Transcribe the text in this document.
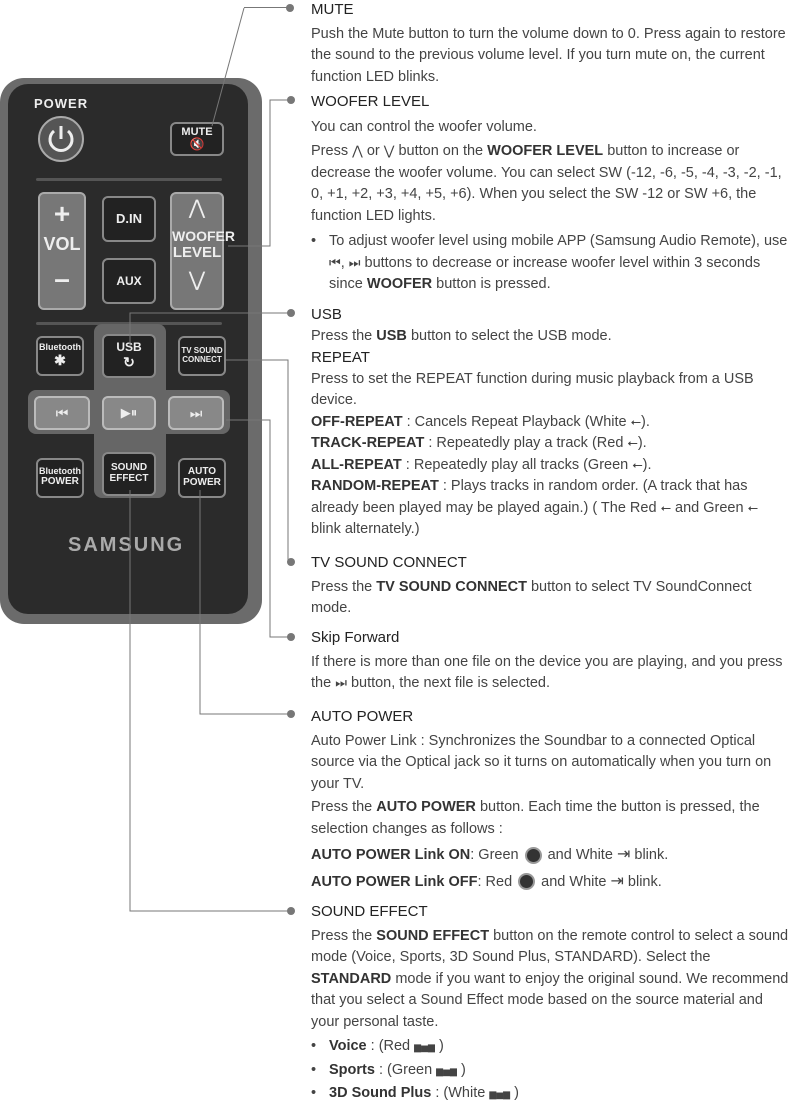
POWER
MUTE
🔇
+
VOL
–
D.IN
AUX
⋀
WOOFER
LEVEL
⋁
Bluetooth
✱
USB
↻
TV SOUND
CONNECT
⏮	▶⏸	⏭
Bluetooth
POWER
SOUND
EFFECT
AUTO
POWER
SAMSUNG

MUTE

Push the Mute button to turn the volume down to 0. Press again to restore the sound to the previous volume level. If you turn mute on, the current function LED blinks.

WOOFER LEVEL

You can control the woofer volume.

Press ⋀ or ⋁ button on the WOOFER LEVEL button to increase or decrease the woofer volume. You can select SW (-12, -6, -5, -4, -3, -2, -1, 0, +1, +2, +3, +4, +5, +6). When you select the SW -12 or SW +6, the function LED lights.

• To adjust woofer level using mobile APP (Samsung Audio Remote), use ⏮, ⏭ buttons to decrease or increase woofer level within 3 seconds since WOOFER button is pressed.

USB

Press the USB button to select the USB mode.

REPEAT

Press to set the REPEAT function during music playback from a USB device.

OFF-REPEAT : Cancels Repeat Playback (White ⭠).

TRACK-REPEAT : Repeatedly play a track (Red ⭠).

ALL-REPEAT : Repeatedly play all tracks (Green ⭠).

RANDOM-REPEAT : Plays tracks in random order. (A track that has already been played may be played again.) ( The Red ⭠ and Green ⭠ blink alternately.)

TV SOUND CONNECT

Press the TV SOUND CONNECT button to select TV SoundConnect mode.

Skip Forward

If there is more than one file on the device you are playing, and you press the ⏭ button, the next file is selected.

AUTO POWER

Auto Power Link : Synchronizes the Soundbar to a connected Optical source via the Optical jack so it turns on automatically when you turn on your TV.

Press the AUTO POWER button. Each time the button is pressed, the selection changes as follows :

AUTO POWER Link ON: Green and White ⇥ blink.

AUTO POWER Link OFF: Red and White ⇥ blink.

SOUND EFFECT

Press the SOUND EFFECT button on the remote control to select a sound mode (Voice, Sports, 3D Sound Plus, STANDARD). Select the STANDARD mode if you want to enjoy the original sound. We recommend that you select a Sound Effect mode based on the source material and your personal taste.

• Voice : (Red ▆▅▆ )

• Sports : (Green ▆▅▆ )

• 3D Sound Plus : (White ▆▅▆ )
